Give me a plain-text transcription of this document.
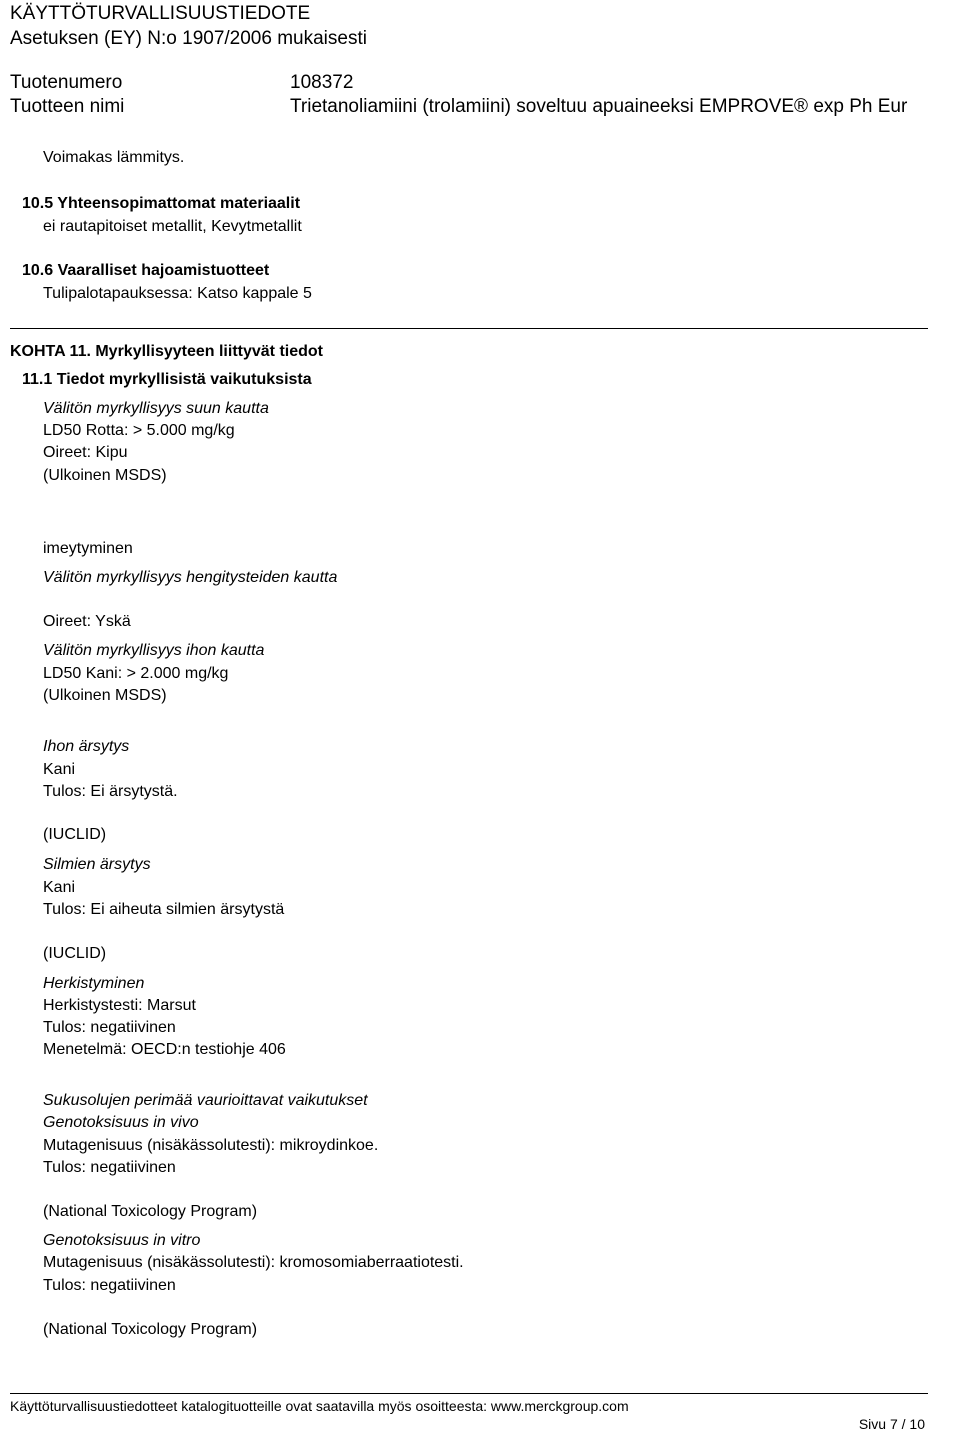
KÄYTTÖTURVALLISUUSTIEDOTE
Asetuksen (EY) N:o 1907/2006 mukaisesti
Tuotenumero	108372
Tuotteen nimi	Trietanoliamiini (trolamiini) soveltuu apuaineeksi EMPROVE® exp Ph Eur
Voimakas lämmitys.
10.5 Yhteensopimattomat materiaalit
ei rautapitoiset metallit, Kevytmetallit
10.6 Vaaralliset hajoamistuotteet
Tulipalotapauksessa: Katso kappale 5
KOHTA 11. Myrkyllisyyteen liittyvät tiedot
11.1 Tiedot myrkyllisistä vaikutuksista
Välitön myrkyllisyys suun kautta
LD50 Rotta: > 5.000 mg/kg
Oireet: Kipu
(Ulkoinen MSDS)
imeytyminen
Välitön myrkyllisyys hengitysteiden kautta
Oireet: Yskä
Välitön myrkyllisyys ihon kautta
LD50 Kani: > 2.000 mg/kg
(Ulkoinen MSDS)
Ihon ärsytys
Kani
Tulos: Ei ärsytystä.
(IUCLID)
Silmien ärsytys
Kani
Tulos: Ei aiheuta silmien ärsytystä
(IUCLID)
Herkistyminen
Herkistystesti: Marsut
Tulos: negatiivinen
Menetelmä: OECD:n testiohje 406
Sukusolujen perimää vaurioittavat vaikutukset
Genotoksisuus in vivo
Mutagenisuus (nisäkässolutesti): mikroydinkoe.
Tulos: negatiivinen
(National Toxicology Program)
Genotoksisuus in vitro
Mutagenisuus (nisäkässolutesti): kromosomiaberraatiotesti.
Tulos: negatiivinen
(National Toxicology Program)
Käyttöturvallisuustiedotteet katalogituotteille ovat saatavilla myös osoitteesta: www.merckgroup.com
Sivu 7 / 10
